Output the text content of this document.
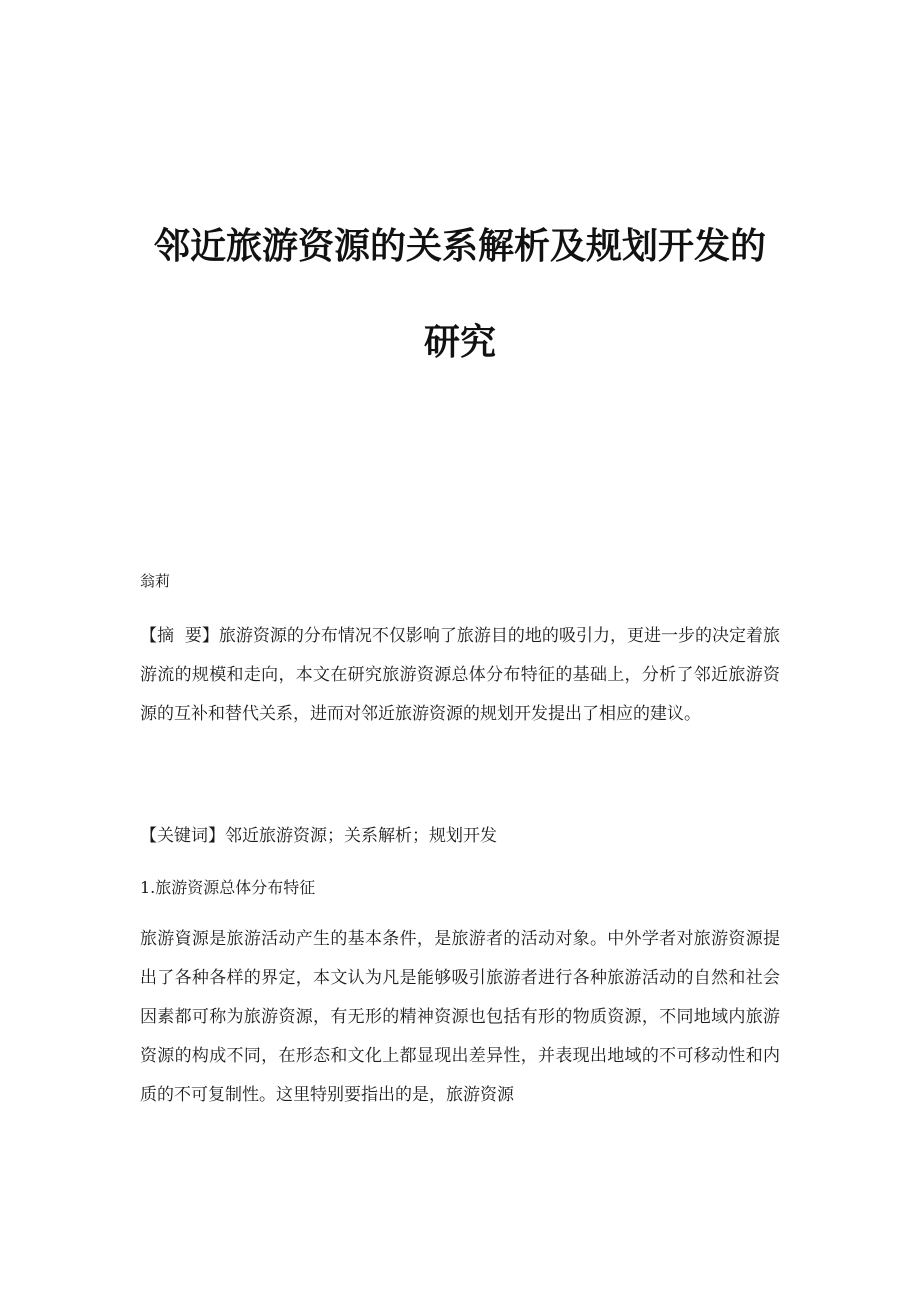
邻近旅游资源的关系解析及规划开发的
研究
翁莉

【摘  要】旅游资源的分布情况不仅影响了旅游目的地的吸引力，更进一步的决定着旅游流的规模和走向，本文在研究旅游资源总体分布特征的基础上，分析了邻近旅游资源的互补和替代关系，进而对邻近旅游资源的规划开发提出了相应的建议。

【关键词】邻近旅游资源；关系解析；规划开发

1.旅游资源总体分布特征

旅游資源是旅游活动产生的基本条件，是旅游者的活动对象。中外学者对旅游资源提出了各种各样的界定，本文认为凡是能够吸引旅游者进行各种旅游活动的自然和社会因素都可称为旅游资源，有无形的精神资源也包括有形的物质资源，不同地域内旅游资源的构成不同，在形态和文化上都显现出差异性，并表现出地域的不可移动性和内质的不可复制性。这里特别要指出的是，旅游资源
